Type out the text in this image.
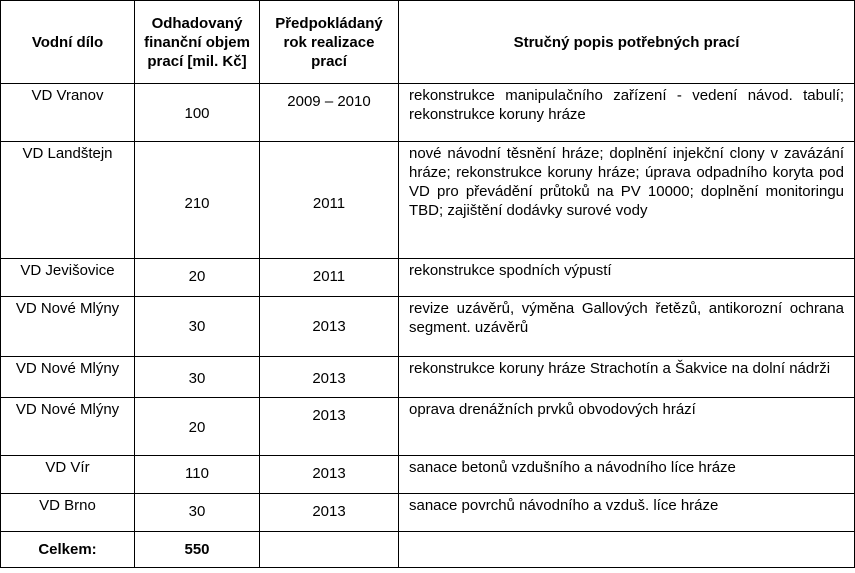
Vodní dílo	Odhadovaný finanční objem prací [mil. Kč]	Předpokládaný rok realizace prací	Stručný popis potřebných prací
VD Vranov	100	2009 – 2010	rekonstrukce manipulačního zařízení - vedení návod. tabulí; rekonstrukce koruny hráze
VD Landštejn	210	2011	nové návodní těsnění hráze; doplnění injekční clony v zavázání hráze; rekonstrukce koruny hráze; úprava odpadního koryta pod VD pro převádění průtoků na PV 10000; doplnění monitoringu TBD; zajištění dodávky surové vody
VD Jevišovice	20	2011	rekonstrukce spodních výpustí
VD Nové Mlýny	30	2013	revize uzávěrů, výměna Gallových řetězů, antikorozní ochrana segment. uzávěrů
VD Nové Mlýny	30	2013	rekonstrukce koruny hráze Strachotín a Šakvice na dolní nádrži
VD Nové Mlýny	20	2013	oprava drenážních prvků obvodových hrází
VD Vír	110	2013	sanace betonů vzdušního a návodního líce hráze
VD Brno	30	2013	sanace povrchů návodního a vzduš. líce hráze
Celkem:	550		
